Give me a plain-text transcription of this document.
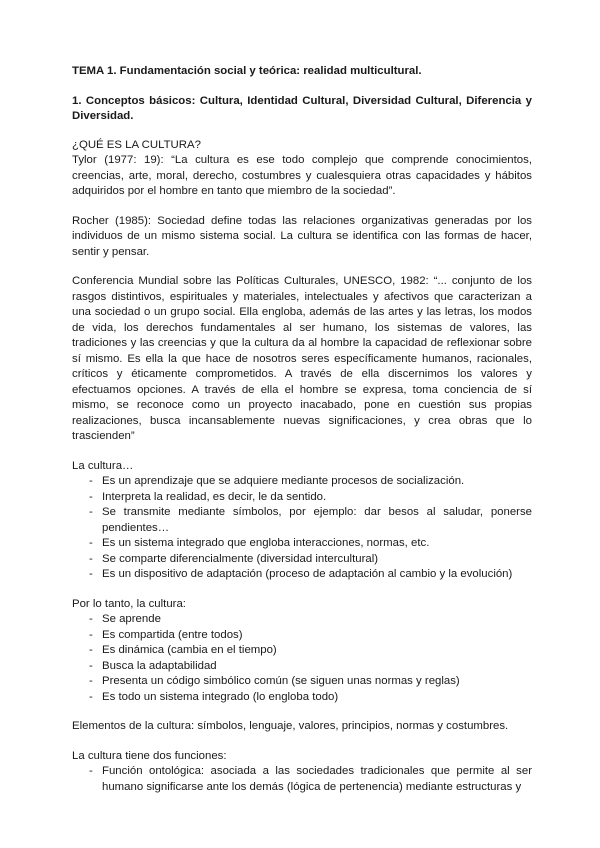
TEMA 1. Fundamentación social y teórica: realidad multicultural.

1. Conceptos básicos: Cultura, Identidad Cultural, Diversidad Cultural, Diferencia y Diversidad.

¿QUÉ ES LA CULTURA?

Tylor (1977: 19): “La cultura es ese todo complejo que comprende conocimientos, creencias, arte, moral, derecho, costumbres y cualesquiera otras capacidades y hábitos adquiridos por el hombre en tanto que miembro de la sociedad”.

Rocher (1985): Sociedad define todas las relaciones organizativas generadas por los individuos de un mismo sistema social. La cultura se identifica con las formas de hacer, sentir y pensar.

Conferencia Mundial sobre las Políticas Culturales, UNESCO, 1982: “... conjunto de los rasgos distintivos, espirituales y materiales, intelectuales y afectivos que caracterizan a una sociedad o un grupo social. Ella engloba, además de las artes y las letras, los modos de vida, los derechos fundamentales al ser humano, los sistemas de valores, las tradiciones y las creencias y que la cultura da al hombre la capacidad de reflexionar sobre sí mismo. Es ella la que hace de nosotros seres específicamente humanos, racionales, críticos y éticamente comprometidos. A través de ella discernimos los valores y efectuamos opciones. A través de ella el hombre se expresa, toma conciencia de sí mismo, se reconoce como un proyecto inacabado, pone en cuestión sus propias realizaciones, busca incansablemente nuevas significaciones, y crea obras que lo trascienden”

La cultura…

- Es un aprendizaje que se adquiere mediante procesos de socialización.
- Interpreta la realidad, es decir, le da sentido.
- Se transmite mediante símbolos, por ejemplo: dar besos al saludar, ponerse pendientes…
- Es un sistema integrado que engloba interacciones, normas, etc.
- Se comparte diferencialmente (diversidad intercultural)
- Es un dispositivo de adaptación (proceso de adaptación al cambio y la evolución)

Por lo tanto, la cultura:

- Se aprende
- Es compartida (entre todos)
- Es dinámica (cambia en el tiempo)
- Busca la adaptabilidad
- Presenta un código simbólico común (se siguen unas normas y reglas)
- Es todo un sistema integrado (lo engloba todo)

Elementos de la cultura: símbolos, lenguaje, valores, principios, normas y costumbres.

La cultura tiene dos funciones:

- Función ontológica: asociada a las sociedades tradicionales que permite al ser humano significarse ante los demás (lógica de pertenencia) mediante estructuras y
